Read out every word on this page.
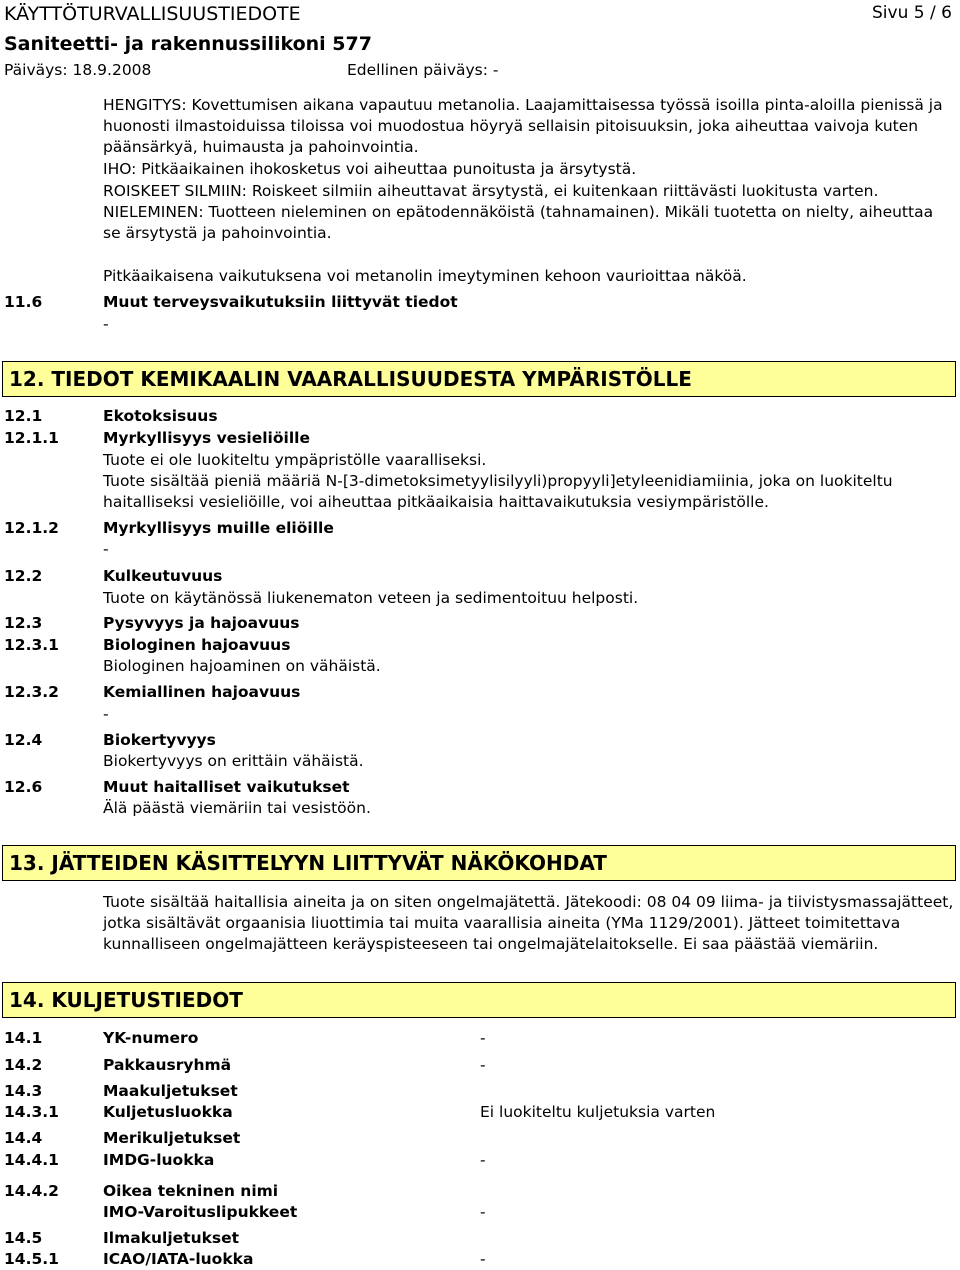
KÄYTTÖTURVALLISUUSTIEDOTE	Sivu 5 / 6
Saniteetti- ja rakennussilikoni 577
Päiväys: 18.9.2008	Edellinen päiväys: -
HENGITYS: Kovettumisen aikana vapautuu metanolia. Laajamittaisessa työssä isoilla pinta-aloilla pienissä ja huonosti ilmastoiduissa tiloissa voi muodostua höyryä sellaisin pitoisuuksin, joka aiheuttaa vaivoja kuten päänsärkyä, huimausta ja pahoinvointia.
IHO: Pitkäaikainen ihokosketus voi aiheuttaa punoitusta ja ärsytystä.
ROISKEET SILMIIN: Roiskeet silmiin aiheuttavat ärsytystä, ei kuitenkaan riittävästi luokitusta varten.
NIELEMINEN: Tuotteen nieleminen on epätodennäköistä (tahnamainen). Mikäli tuotetta on nielty, aiheuttaa se ärsytystä ja pahoinvointia.
Pitkäaikaisena vaikutuksena voi metanolin imeytyminen kehoon vaurioittaa näköä.
11.6	Muut terveysvaikutuksiin liittyvät tiedot
-
12. TIEDOT KEMIKAALIN VAARALLISUUDESTA YMPÄRISTÖLLE
12.1	Ekotoksisuus
12.1.1	Myrkyllisyys vesieliöille
Tuote ei ole luokiteltu ympäpristölle vaaralliseksi.
Tuote sisältää pieniä määriä N-[3-dimetoksimetyylisilyyli)propyyli]etyleenidiamiinia, joka on luokiteltu haitalliseksi vesieliöille, voi aiheuttaa pitkäaikaisia haittavaikutuksia vesiympäristölle.
12.1.2	Myrkyllisyys muille eliöille
-
12.2	Kulkeutuvuus
Tuote on käytänössä liukenematon veteen ja sedimentoituu helposti.
12.3	Pysyvyys ja hajoavuus
12.3.1	Biologinen hajoavuus
Biologinen hajoaminen on vähäistä.
12.3.2	Kemiallinen hajoavuus
-
12.4	Biokertyvyys
Biokertyvyys on erittäin vähäistä.
12.6	Muut haitalliset vaikutukset
Älä päästä viemäriin tai vesistöön.
13. JÄTTEIDEN KÄSITTELYYN LIITTYVÄT NÄKÖKOHDAT
Tuote sisältää haitallisia aineita ja on siten ongelmajätettä. Jätekoodi: 08 04 09 liima- ja tiivistysmassajätteet, jotka sisältävät orgaanisia liuottimia tai muita vaarallisia aineita (YMa 1129/2001). Jätteet toimitettava kunnalliseen ongelmajätteen keräyspisteeseen tai ongelmajätelaitokselle. Ei saa päästää viemäriin.
14. KULJETUSTIEDOT
14.1	YK-numero	-
14.2	Pakkausryhmä	-
14.3	Maakuljetukset
14.3.1	Kuljetusluokka	Ei luokiteltu kuljetuksia varten
14.4	Merikuljetukset
14.4.1	IMDG-luokka	-
14.4.2	Oikea tekninen nimi
IMO-Varoituslipukkeet	-
14.5	Ilmakuljetukset
14.5.1	ICAO/IATA-luokka	-
